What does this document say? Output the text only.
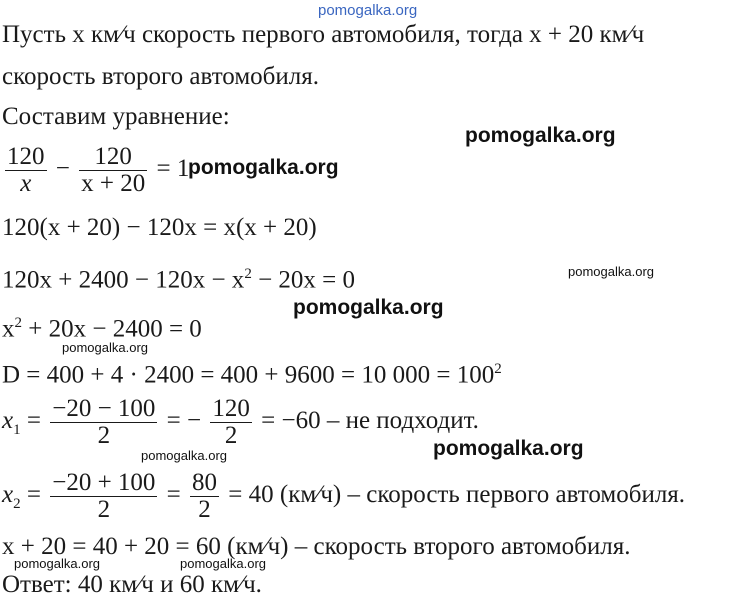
pomogalka.org
Пусть x км⁄ч скорость первого автомобиля, тогда x + 20 км⁄ч
скорость второго автомобиля.
Составим уравнение:
pomogalka.org
$\frac{120}{x} - \frac{120}{x + 20} = 1$
pomogalka.org
120(x + 20) − 120x = x(x + 20)
$120x + 2400 - 120x - x^2 - 20x = 0$	pomogalka.org
pomogalka.org
$x^2 + 20x - 2400 = 0$
pomogalka.org
D = 400 + 4 · 2400 = 400 + 9600 = 10 $000 = 100^2$
$x_1 = \frac{-20 - 100}{2}$ = − $\frac{120}{2} = -60$ – не подходит.
pomogalka.org
pomogalka.org
$x_2 = \frac{-20 + 100}{2} = \frac{80}{2} = 40$ (км⁄ч) – скорость первого автомобиля.
x + 20 = 40 + 20 = 60 (км⁄ч) – скорость второго автомобиля.
pomogalka.org	pomogalka.org
Ответ: 40 км⁄ч и 60 км⁄ч.
